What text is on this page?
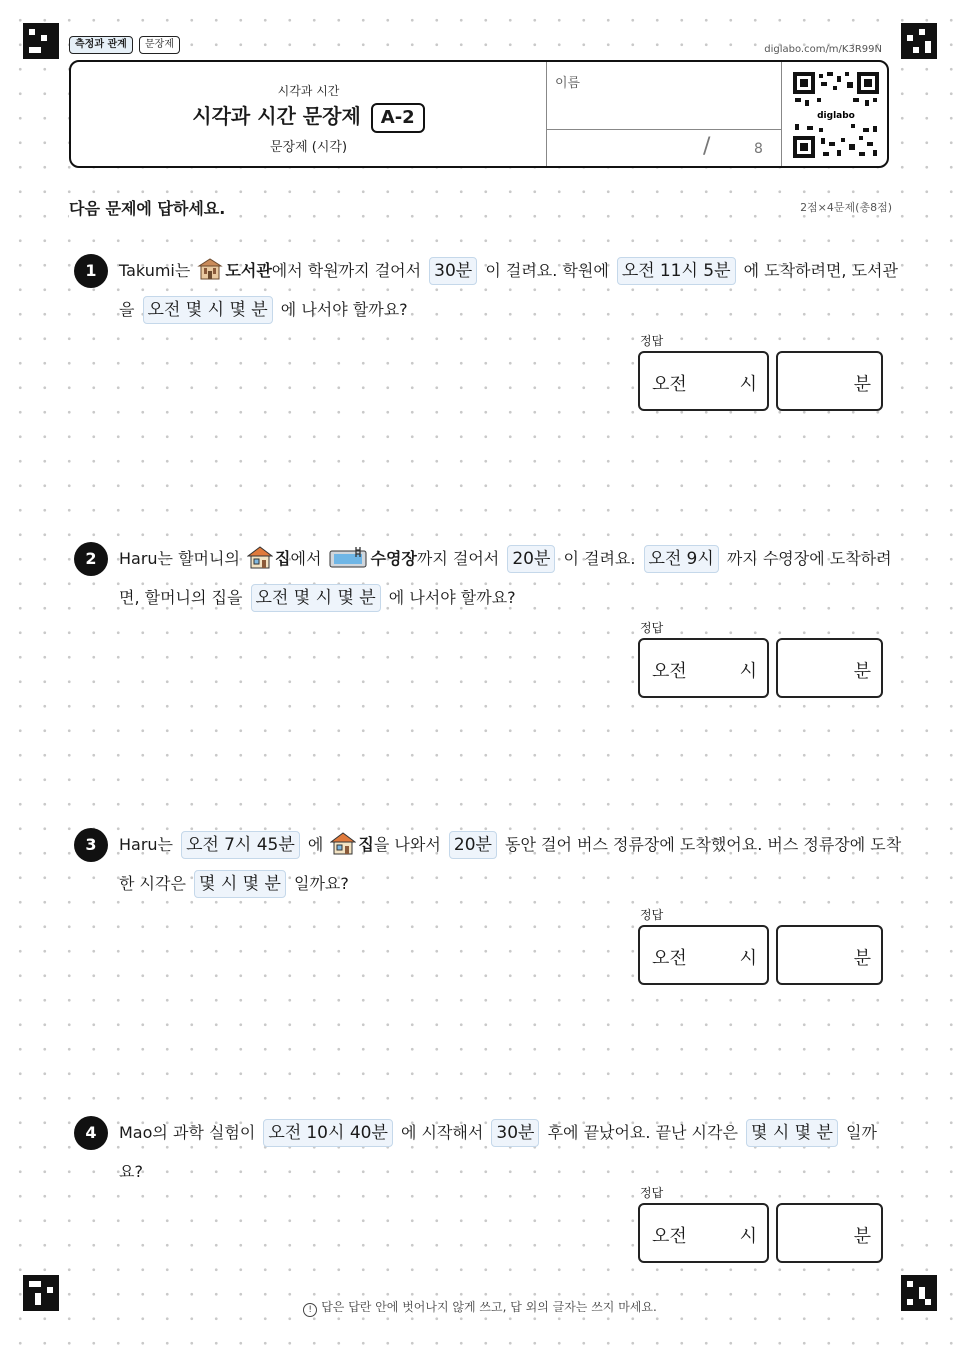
측정과 관계	문장제	diglabo.com/m/K3R99N
시각과 시간
시각과 시간 문장제 A-2
문장제 (시각)
이름
/	8
diglabo
다음 문제에 답하세요.	2점×4문제(총8점)
1	Takumi는 도서관에서 학원까지 걸어서 30분 이 걸려요. 학원에 오전 11시 5분 에 도착하려면, 도서관
을 오전 몇 시 몇 분 에 나서야 할까요?
정답
오전	시	분
2	Haru는 할머니의 집에서	수영장까지 걸어서 20분 이 걸려요. 오전 9시 까지 수영장에 도착하려
면, 할머니의 집을 오전 몇 시 몇 분 에 나서야 할까요?
정답
오전	시	분
3	Haru는 오전 7시 45분 에 집을 나와서 20분 동안 걸어 버스 정류장에 도착했어요. 버스 정류장에 도착
한 시각은 몇 시 몇 분 일까요?
정답
오전	시	분
4	Mao의 과학 실험이 오전 10시 40분 에 시작해서 30분 후에 끝났어요. 끝난 시각은 몇 시 몇 분 일까
요?
정답
오전	시	분
! 답은 답란 안에 벗어나지 않게 쓰고, 답 외의 글자는 쓰지 마세요.
